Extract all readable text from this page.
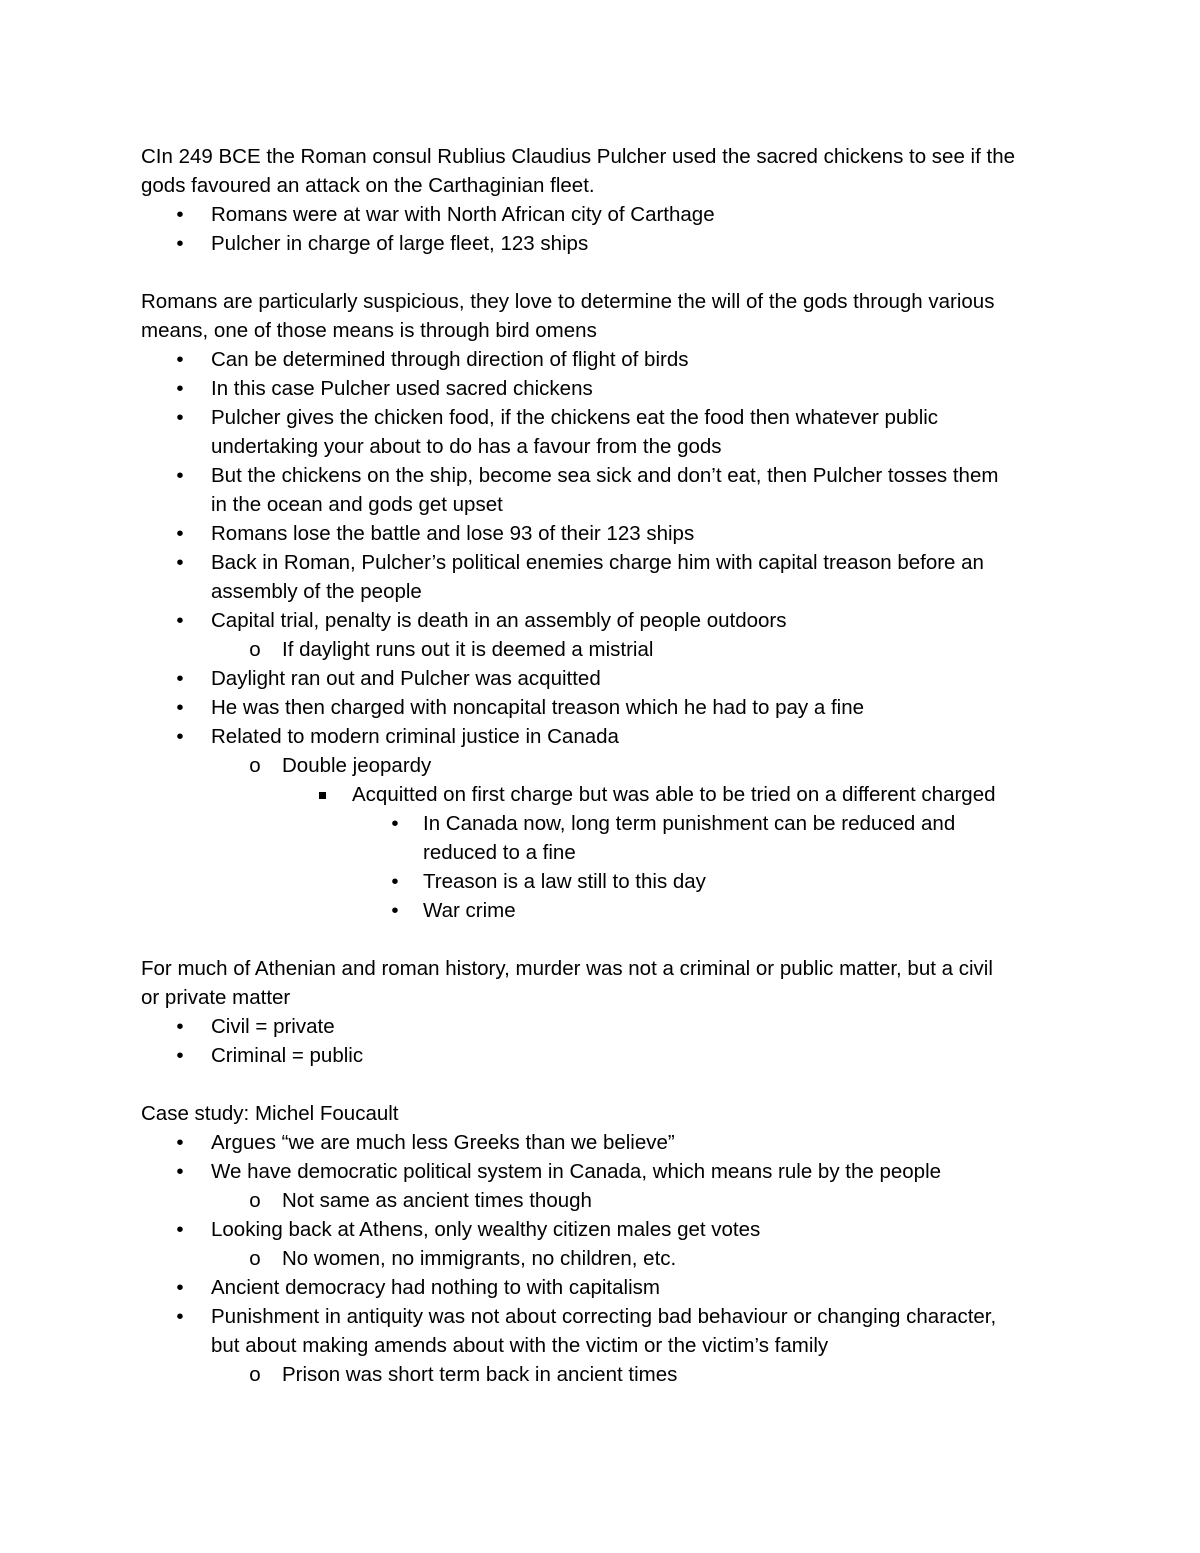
CIn 249 BCE the Roman consul Rublius Claudius Pulcher used the sacred chickens to see if the
gods favoured an attack on the Carthaginian fleet.
•	Romans were at war with North African city of Carthage
•	Pulcher in charge of large fleet, 123 ships
Romans are particularly suspicious, they love to determine the will of the gods through various
means, one of those means is through bird omens
•	Can be determined through direction of flight of birds
•	In this case Pulcher used sacred chickens
•	Pulcher gives the chicken food, if the chickens eat the food then whatever public
undertaking your about to do has a favour from the gods
•	But the chickens on the ship, become sea sick and don’t eat, then Pulcher tosses them
in the ocean and gods get upset
•	Romans lose the battle and lose 93 of their 123 ships
•	Back in Roman, Pulcher’s political enemies charge him with capital treason before an
assembly of the people
•	Capital trial, penalty is death in an assembly of people outdoors
o If daylight runs out it is deemed a mistrial
•	Daylight ran out and Pulcher was acquitted
•	He was then charged with noncapital treason which he had to pay a fine
•	Related to modern criminal justice in Canada
o Double jeopardy
Acquitted on first charge but was able to be tried on a different charged
•	In Canada now, long term punishment can be reduced and
reduced to a fine
•	Treason is a law still to this day
•	War crime
For much of Athenian and roman history, murder was not a criminal or public matter, but a civil
or private matter
•	Civil = private
•	Criminal = public
Case study: Michel Foucault
•	Argues “we are much less Greeks than we believe”
•	We have democratic political system in Canada, which means rule by the people
o Not same as ancient times though
•	Looking back at Athens, only wealthy citizen males get votes
o No women, no immigrants, no children, etc.
•	Ancient democracy had nothing to with capitalism
•	Punishment in antiquity was not about correcting bad behaviour or changing character,
but about making amends about with the victim or the victim’s family
o Prison was short term back in ancient times
